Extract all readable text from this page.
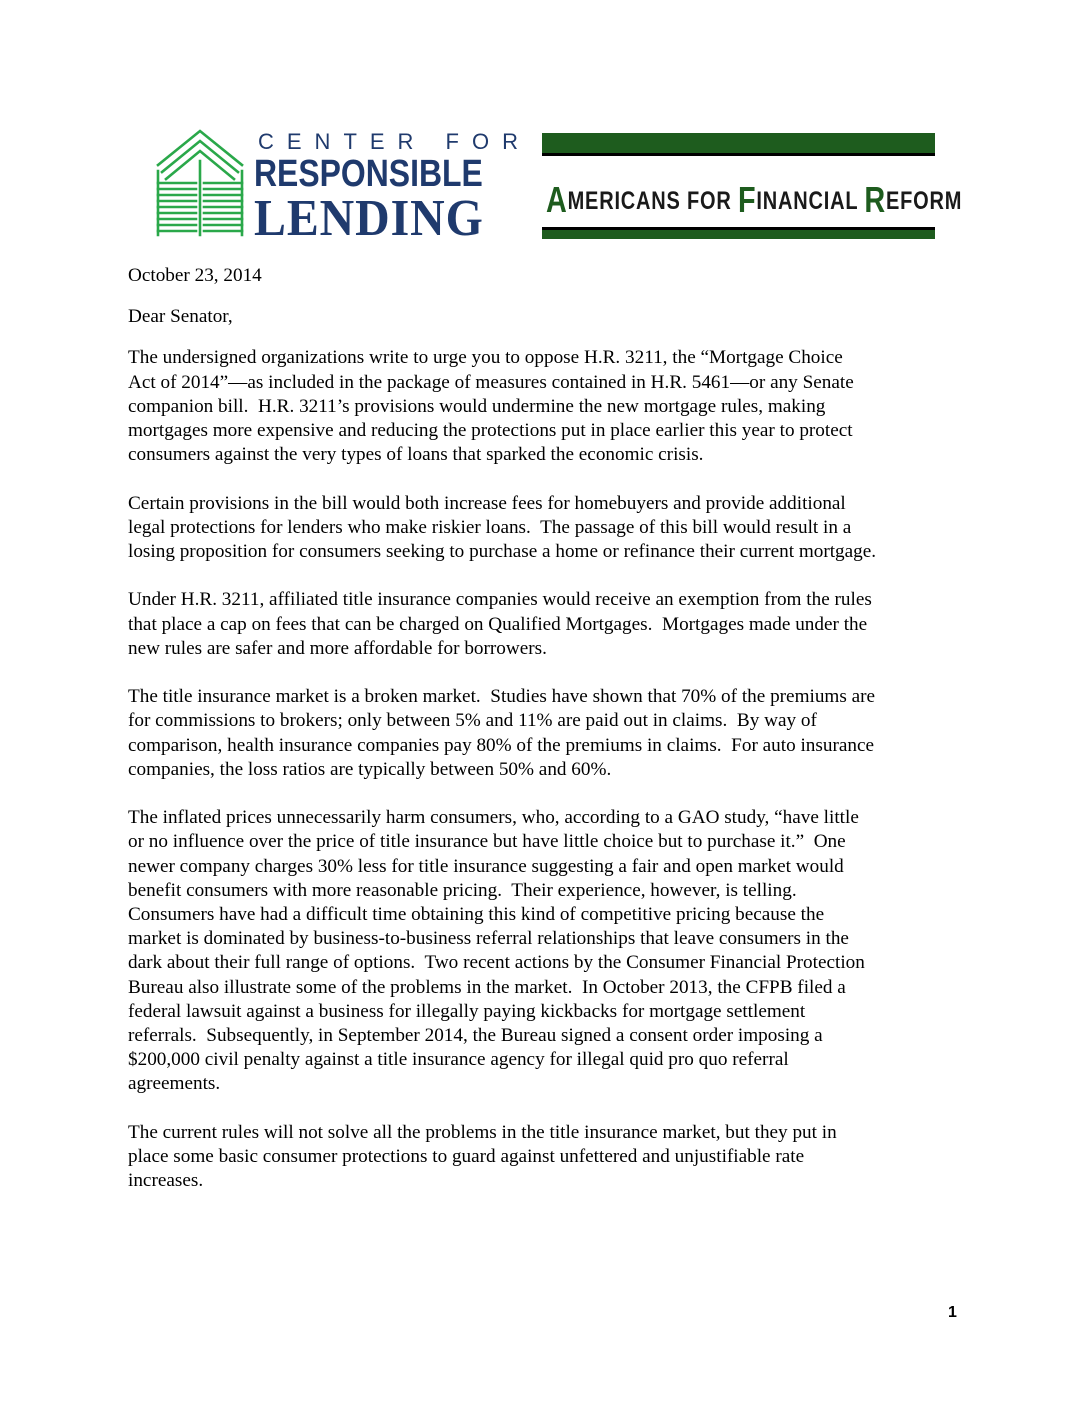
CENTER FOR
RESPONSIBLE
LENDING AMERICANS FOR FINANCIAL REFORM

October 23, 2014

Dear Senator,

The undersigned organizations write to urge you to oppose H.R. 3211, the “Mortgage Choice
Act of 2014”—as included in the package of measures contained in H.R. 5461—or any Senate
companion bill.  H.R. 3211’s provisions would undermine the new mortgage rules, making
mortgages more expensive and reducing the protections put in place earlier this year to protect
consumers against the very types of loans that sparked the economic crisis.

Certain provisions in the bill would both increase fees for homebuyers and provide additional
legal protections for lenders who make riskier loans.  The passage of this bill would result in a
losing proposition for consumers seeking to purchase a home or refinance their current mortgage.

Under H.R. 3211, affiliated title insurance companies would receive an exemption from the rules
that place a cap on fees that can be charged on Qualified Mortgages.  Mortgages made under the
new rules are safer and more affordable for borrowers.

The title insurance market is a broken market.  Studies have shown that 70% of the premiums are
for commissions to brokers; only between 5% and 11% are paid out in claims.  By way of
comparison, health insurance companies pay 80% of the premiums in claims.  For auto insurance
companies, the loss ratios are typically between 50% and 60%.

The inflated prices unnecessarily harm consumers, who, according to a GAO study, “have little
or no influence over the price of title insurance but have little choice but to purchase it.”  One
newer company charges 30% less for title insurance suggesting a fair and open market would
benefit consumers with more reasonable pricing.  Their experience, however, is telling.
Consumers have had a difficult time obtaining this kind of competitive pricing because the
market is dominated by business-to-business referral relationships that leave consumers in the
dark about their full range of options.  Two recent actions by the Consumer Financial Protection
Bureau also illustrate some of the problems in the market.  In October 2013, the CFPB filed a
federal lawsuit against a business for illegally paying kickbacks for mortgage settlement
referrals.  Subsequently, in September 2014, the Bureau signed a consent order imposing a
$200,000 civil penalty against a title insurance agency for illegal quid pro quo referral
agreements.

The current rules will not solve all the problems in the title insurance market, but they put in
place some basic consumer protections to guard against unfettered and unjustifiable rate
increases.

1
